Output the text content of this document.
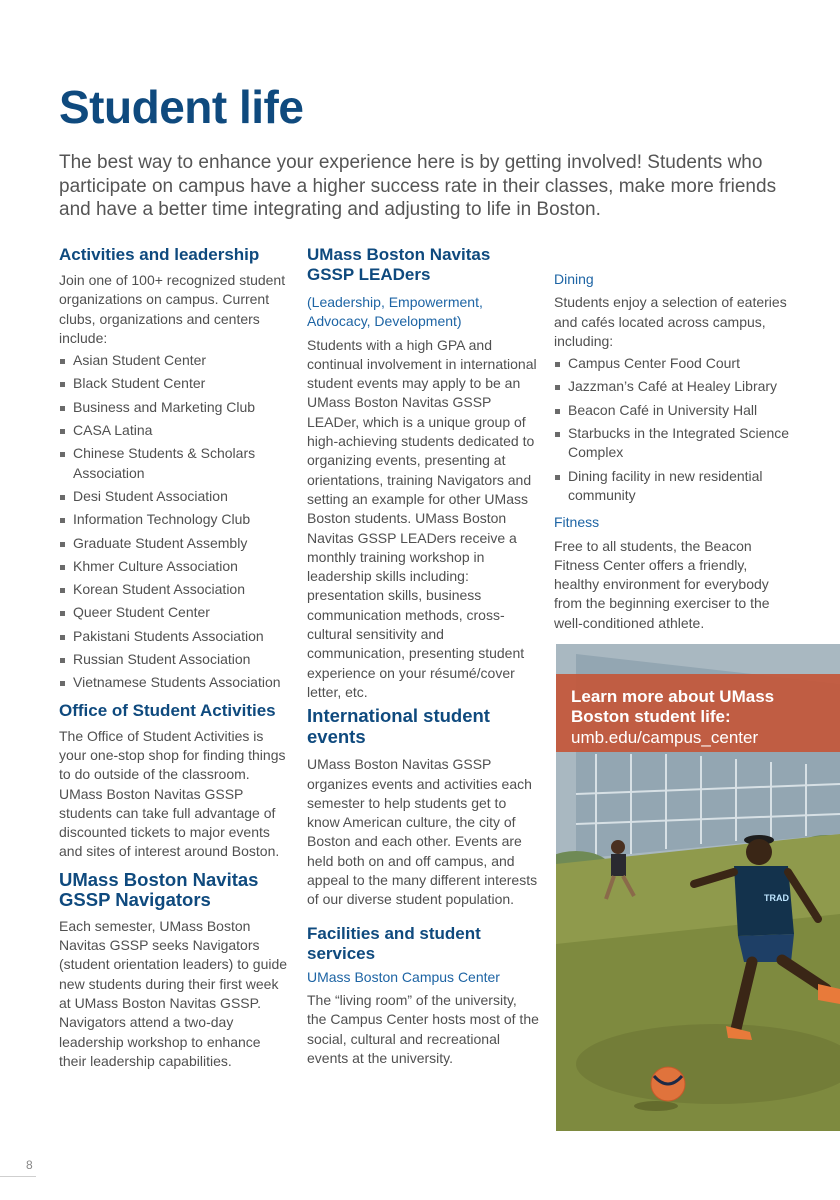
Student life

The best way to enhance your experience here is by getting involved! Students who participate on campus have a higher success rate in their classes, make more friends and have a better time integrating and adjusting to life in Boston.

Activities and leadership

Join one of 100+ recognized student organizations on campus. Current clubs, organizations and centers include:

Asian Student Center
Black Student Center
Business and Marketing Club
CASA Latina
Chinese Students & Scholars Association
Desi Student Association
Information Technology Club
Graduate Student Assembly
Khmer Culture Association
Korean Student Association
Queer Student Center
Pakistani Students Association
Russian Student Association
Vietnamese Students Association
Office of Student Activities

The Office of Student Activities is your one-stop shop for finding things to do outside of the classroom. UMass Boston Navitas GSSP students can take full advantage of discounted tickets to major events and sites of interest around Boston.

UMass Boston Navitas GSSP Navigators

Each semester, UMass Boston Navitas GSSP seeks Navigators (student orientation leaders) to guide new students during their first week at UMass Boston Navitas GSSP. Navigators attend a two-day leadership workshop to enhance their leadership capabilities.

UMass Boston Navitas GSSP LEADers

(Leadership, Empowerment, Advocacy, Development)

Students with a high GPA and continual involvement in international student events may apply to be an UMass Boston Navitas GSSP LEADer, which is a unique group of high-achieving students dedicated to organizing events, presenting at orientations, training Navigators and setting an example for other UMass Boston students. UMass Boston Navitas GSSP LEADers receive a monthly training workshop in leadership skills including: presentation skills, business communication methods, cross-cultural sensitivity and communication, presenting student experience on your résumé/cover letter, etc.

International student events

UMass Boston Navitas GSSP organizes events and activities each semester to help students get to know American culture, the city of Boston and each other. Events are held both on and off campus, and appeal to the many different interests of our diverse student population.

Facilities and student services

UMass Boston Campus Center

The “living room” of the university, the Campus Center hosts most of the social, cultural and recreational events at the university.

Dining

Students enjoy a selection of eateries and cafés located across campus, including:

Campus Center Food Court
Jazzman’s Café at Healey Library
Beacon Café in University Hall
Starbucks in the Integrated Science Complex
Dining facility in new residential community

Fitness

Free to all students, the Beacon Fitness Center offers a friendly, healthy environment for everybody from the beginning exerciser to the well-conditioned athlete.

TRAD
Learn more about UMass Boston student life:
umb.edu/campus_center
8
